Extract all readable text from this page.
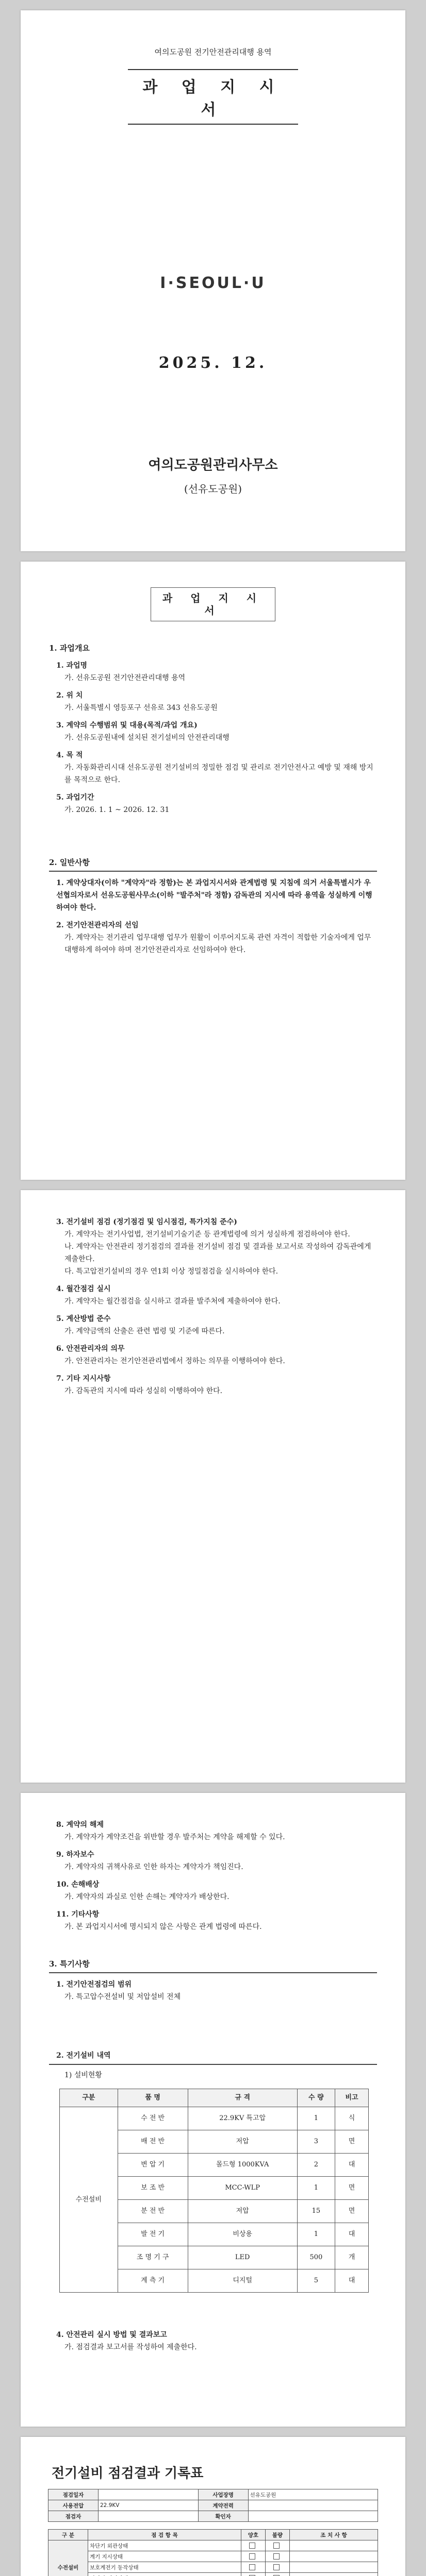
여의도공원 전기안전관리대행 용역
과 업 지 시 서
I·SEOUL·U
2025. 12.
여의도공원관리사무소
(선유도공원)
과 업 지 시 서
1. 과업개요
1. 과업명
가. 선유도공원 전기안전관리대행 용역
2. 위 치
가. 서울특별시 영등포구 선유로 343 선유도공원
3. 계약의 수행범위 및 대용(목적/과업 개요)
가. 선유도공원내에 설치된 전기설비의 안전관리대행
4. 목 적
가. 자동화관리시대 선유도공원 전기설비의 정밀한 점검 및 관리로 전기안전사고 예방 및 재해 방지를 목적으로 한다.
5. 과업기간
가. 2026. 1. 1 ~ 2026. 12. 31
2. 일반사항
1. 계약상대자(이하 "계약자"라 정함)는 본 과업지시서와 관계법령 및 지침에 의거 서울특별시가 우선협의자로서 선유도공원사무소(이하 "발주처"라 정함) 감독관의 지시에 따라 용역을 성실하게 이행하여야 한다.
2. 전기안전관리자의 선임
가. 계약자는 전기관리 업무대행 업무가 원활이 이루어지도록 관련 자격이 적합한 기술자에게 업무대행하게 하여야 하며 전기안전관리자로 선임하여야 한다.
3. 전기설비 점검 (정기점검 및 임시점검, 특가지침 준수)
가. 계약자는 전기사업법, 전기설비기술기준 등 관계법령에 의거 성실하게 점검하여야 한다.
나. 계약자는 안전관리 정기점검의 결과를 전기설비 점검 및 결과를 보고서로 작성하여 감독관에게 제출한다.
다. 특고압전기설비의 경우 연1회 이상 정밀점검을 실시하여야 한다.
4. 월간점검 실시
가. 계약자는 월간점검을 실시하고 결과를 발주처에 제출하여야 한다.
5. 계산방법 준수
가. 계약금액의 산출은 관련 법령 및 기준에 따른다.
6. 안전관리자의 의무
가. 안전관리자는 전기안전관리법에서 정하는 의무를 이행하여야 한다.
7. 기타 지시사항
가. 감독관의 지시에 따라 성실히 이행하여야 한다.
8. 계약의 해제
가. 계약자가 계약조건을 위반할 경우 발주처는 계약을 해제할 수 있다.
9. 하자보수
가. 계약자의 귀책사유로 인한 하자는 계약자가 책임진다.
10. 손해배상
가. 계약자의 과실로 인한 손해는 계약자가 배상한다.
11. 기타사항
가. 본 과업지시서에 명시되지 않은 사항은 관계 법령에 따른다.
3. 특기사항
1. 전기안전점검의 범위
가. 특고압수전설비 및 저압설비 전체
2. 전기설비 내역
1) 설비현황
구분	품 명	규 격	수 량	비고
수전설비	수 전 반	22.9KV 특고압	1	식
	배 전 반	저압	3	면
	변 압 기	몰드형 1000KVA	2	대
	보 조 반	MCC-WLP	1	면
	분 전 반	저압	15	면
	발 전 기	비상용	1	대
	조 명 기 구	LED	500	개
	계 측 기	디지털	5	대
4. 안전관리 실시 방법 및 결과보고
가. 점검결과 보고서를 작성하여 제출한다.
전기설비 점검결과 기록표
점검일자		사업장명	선유도공원
사용전압	22.9KV	계약전력	
점검자		확인자	
구 분	점 검 항 목	양호	불량	조 치 사 항
수전설비	차단기 외관상태			
	계기 지시상태			
	보호계전기 동작상태			
